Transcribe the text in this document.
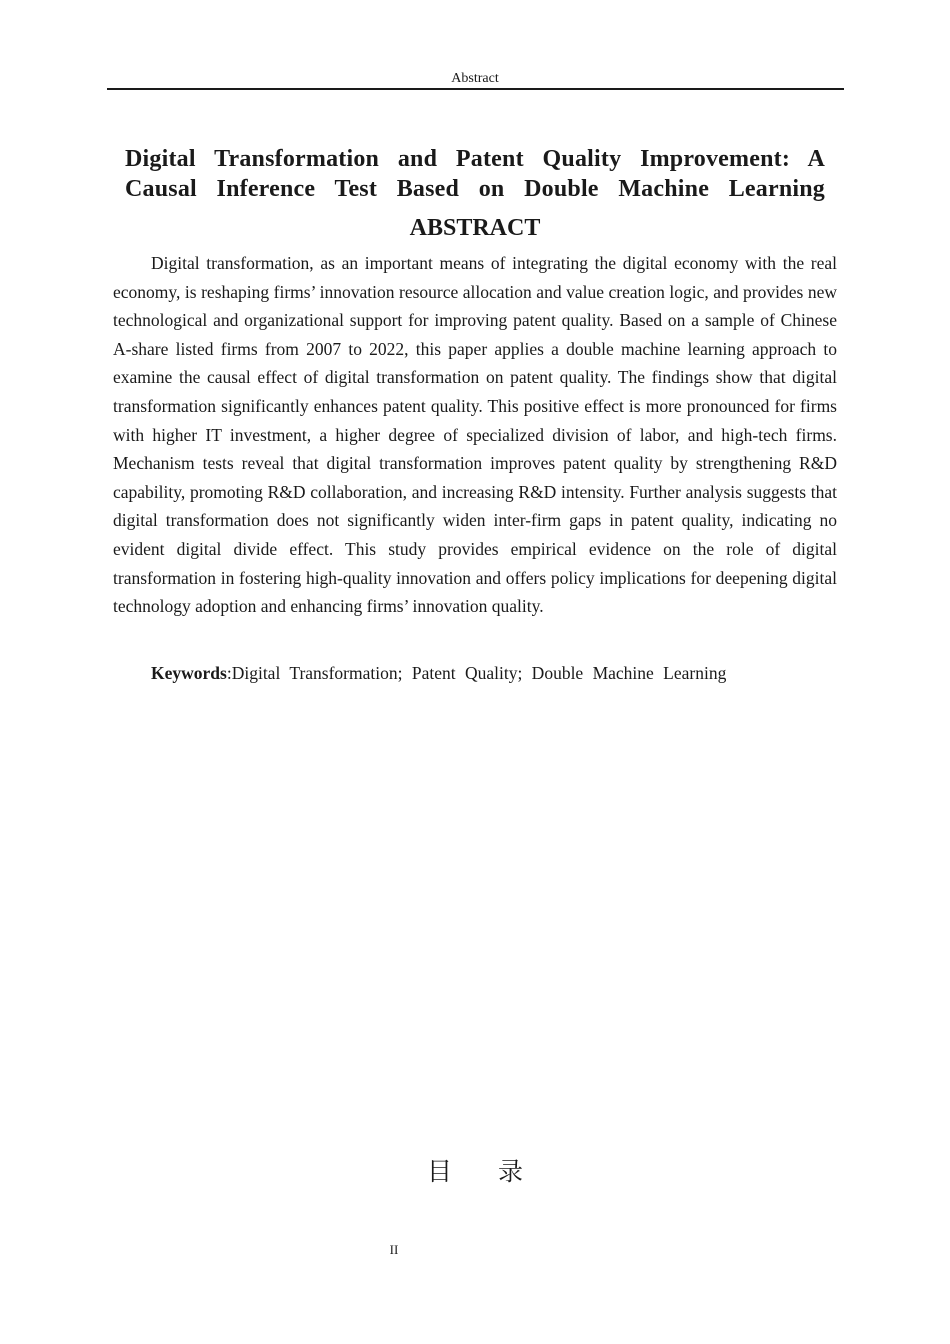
Abstract
Digital Transformation and Patent Quality Improvement: A Causal Inference Test Based on Double Machine Learning
ABSTRACT

Digital transformation, as an important means of integrating the digital economy with the real economy, is reshaping firms’ innovation resource allocation and value creation logic, and provides new technological and organizational support for improving patent quality. Based on a sample of Chinese A-share listed firms from 2007 to 2022, this paper applies a double machine learning approach to examine the causal effect of digital transformation on patent quality. The findings show that digital transformation significantly enhances patent quality. This positive effect is more pronounced for firms with higher IT investment, a higher degree of specialized division of labor, and high-tech firms. Mechanism tests reveal that digital transformation improves patent quality by strengthening R&D capability, promoting R&D collaboration, and increasing R&D intensity. Further analysis suggests that digital transformation does not significantly widen inter-firm gaps in patent quality, indicating no evident digital divide effect. This study provides empirical evidence on the role of digital transformation in fostering high-quality innovation and offers policy implications for deepening digital technology adoption and enhancing firms’ innovation quality.

Keywords:Digital Transformation; Patent Quality; Double Machine Learning

目录
II
